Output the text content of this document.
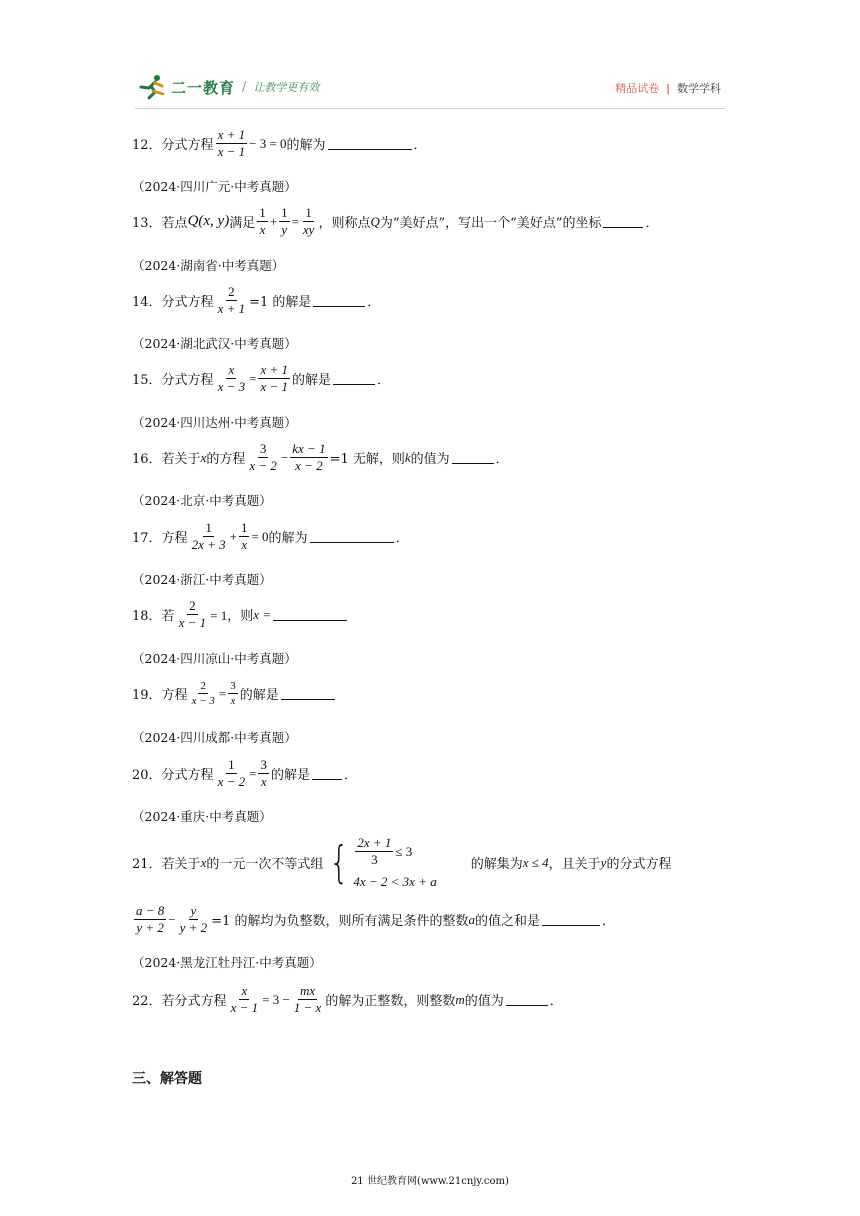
二一教育 / 让教学更有效	精品试卷 | 数学学科
12． 分式方程
x + 1
x − 1
− 3 = 0 的解为	．
（2024·四川广元·中考真题）
13． 若点 Q(x, y) 满足
1
x
+ $\frac{1}{y} = \frac{1}{xy}$ ，则称点 Q 为“美好点”，写出一个“美好点”的坐标	．
（2024·湖南省·中考真题）
14． 分式方程 $\frac{2}{x + 1} =1$ 的解是	．
（2024·湖北武汉·中考真题）
15． 分式方程 $\frac{x}{x - 3} = \frac{x + 1}{x - 1}$ 的解是	．
（2024·四川达州·中考真题）
16． 若关于 x 的方程
3
x − 2
− $\frac{kx - 1}{x - 2} =1$ 无解，则 k 的值为	．
（2024·北京·中考真题）
17． 方程
1
2x + 3
+ $\frac{1}{x} = 0$ 的解为	．
（2024·浙江·中考真题）
18． 若 $\frac{2}{x - 1} = 1$，则 x =
（2024·四川凉山·中考真题）
19． 方程 $\frac{2}{x - 3} = \frac{3}{x}$ 的解是
（2024·四川成都·中考真题）
20． 分式方程 $\frac{1}{x - 2} = \frac{3}{x}$ 的解是	．
（2024·重庆·中考真题）
21． 若关于 x 的一元一次不等式组 { $\frac{2x + 1}{3} \le 3$
4x − 2 < 3x + a
的解集为 x ≤ 4 ，且关于 y 的分式方程
a − 8
y + 2
− $\frac{y}{y + 2} =1$ 的解均为负整数，则所有满足条件的整数 a 的值之和是	．
（2024·黑龙江牡丹江·中考真题）
22． 若分式方程 $\frac{x}{x - 1} = 3 - \frac{mx}{1 - x}$ 的解为正整数，则整数 m 的值为	．
三、解答题
21 世纪教育网(www.21cnjy.com)
